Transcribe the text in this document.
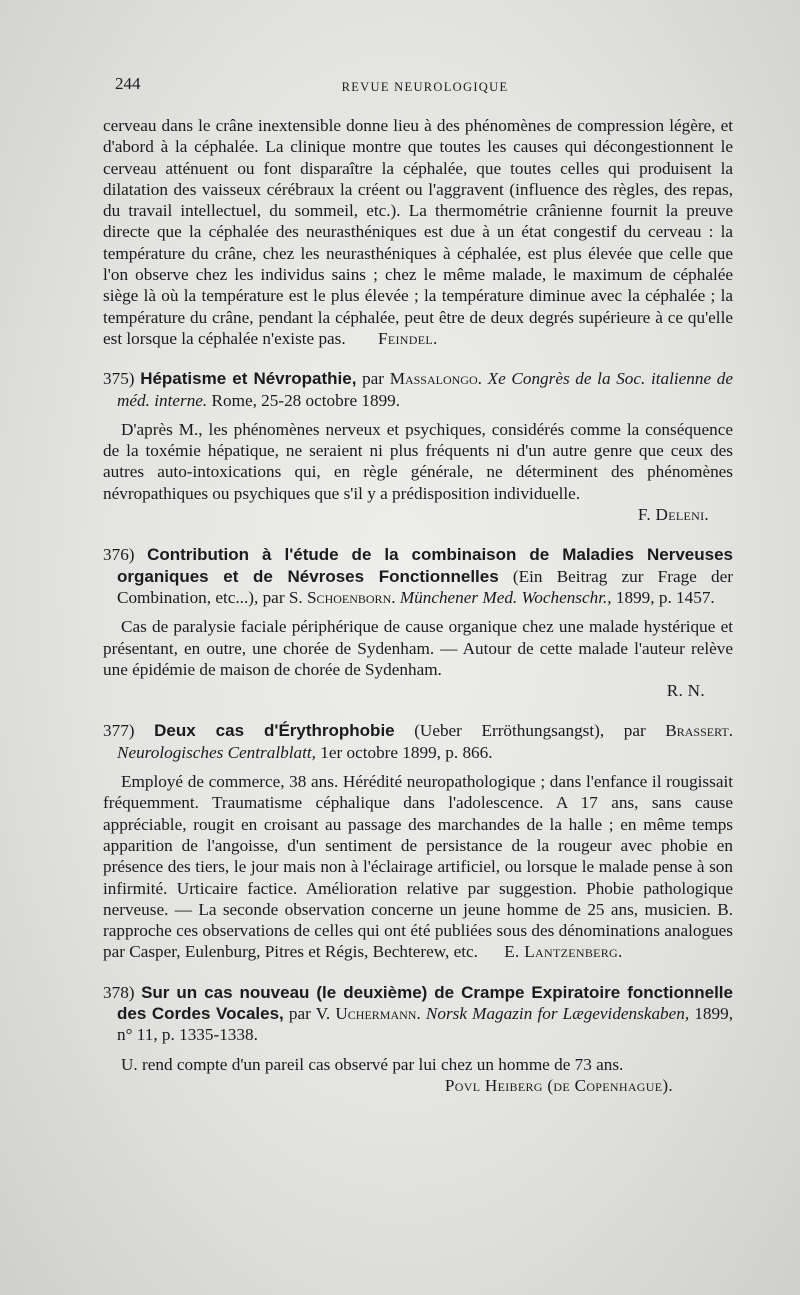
244	REVUE NEUROLOGIQUE

cerveau dans le crâne inextensible donne lieu à des phénomènes de compression légère, et d'abord à la céphalée. La clinique montre que toutes les causes qui décongestionnent le cerveau atténuent ou font disparaître la céphalée, que toutes celles qui produisent la dilatation des vaisseux cérébraux la créent ou l'aggravent (influence des règles, des repas, du travail intellectuel, du sommeil, etc.). La thermométrie crânienne fournit la preuve directe que la céphalée des neurasthéniques est due à un état congestif du cerveau : la température du crâne, chez les neurasthéniques à céphalée, est plus élevée que celle que l'on observe chez les individus sains ; chez le même malade, le maximum de céphalée siège là où la température est le plus élevée ; la température diminue avec la céphalée ; la température du crâne, pendant la céphalée, peut être de deux degrés supérieure à ce qu'elle est lorsque la céphalée n'existe pas. Feindel.

375) Hépatisme et Névropathie, par Massalongo. Xe Congrès de la Soc. italienne de méd. interne. Rome, 25-28 octobre 1899.

D'après M., les phénomènes nerveux et psychiques, considérés comme la conséquence de la toxémie hépatique, ne seraient ni plus fréquents ni d'un autre genre que ceux des autres auto-intoxications qui, en règle générale, ne déterminent des phénomènes névropathiques ou psychiques que s'il y a prédisposition individuelle.

F. Deleni.

376) Contribution à l'étude de la combinaison de Maladies Nerveuses organiques et de Névroses Fonctionnelles (Ein Beitrag zur Frage der Combination, etc...), par S. Schoenborn. Münchener Med. Wochenschr., 1899, p. 1457.

Cas de paralysie faciale périphérique de cause organique chez une malade hystérique et présentant, en outre, une chorée de Sydenham. — Autour de cette malade l'auteur relève une épidémie de maison de chorée de Sydenham.

R. N.

377) Deux cas d'Érythrophobie (Ueber Erröthungsangst), par Brassert. Neurologisches Centralblatt, 1er octobre 1899, p. 866.

Employé de commerce, 38 ans. Hérédité neuropathologique ; dans l'enfance il rougissait fréquemment. Traumatisme céphalique dans l'adolescence. A 17 ans, sans cause appréciable, rougit en croisant au passage des marchandes de la halle ; en même temps apparition de l'angoisse, d'un sentiment de persistance de la rougeur avec phobie en présence des tiers, le jour mais non à l'éclairage artificiel, ou lorsque le malade pense à son infirmité. Urticaire factice. Amélioration relative par suggestion. Phobie pathologique nerveuse. — La seconde observation concerne un jeune homme de 25 ans, musicien. B. rapproche ces observations de celles qui ont été publiées sous des dénominations analogues par Casper, Eulenburg, Pitres et Régis, Bechterew, etc. E. Lantzenberg.

378) Sur un cas nouveau (le deuxième) de Crampe Expiratoire fonctionnelle des Cordes Vocales, par V. Uchermann. Norsk Magazin for Lægevidenskaben, 1899, n° 11, p. 1335-1338.

U. rend compte d'un pareil cas observé par lui chez un homme de 73 ans.

Povl Heiberg (de Copenhague).
